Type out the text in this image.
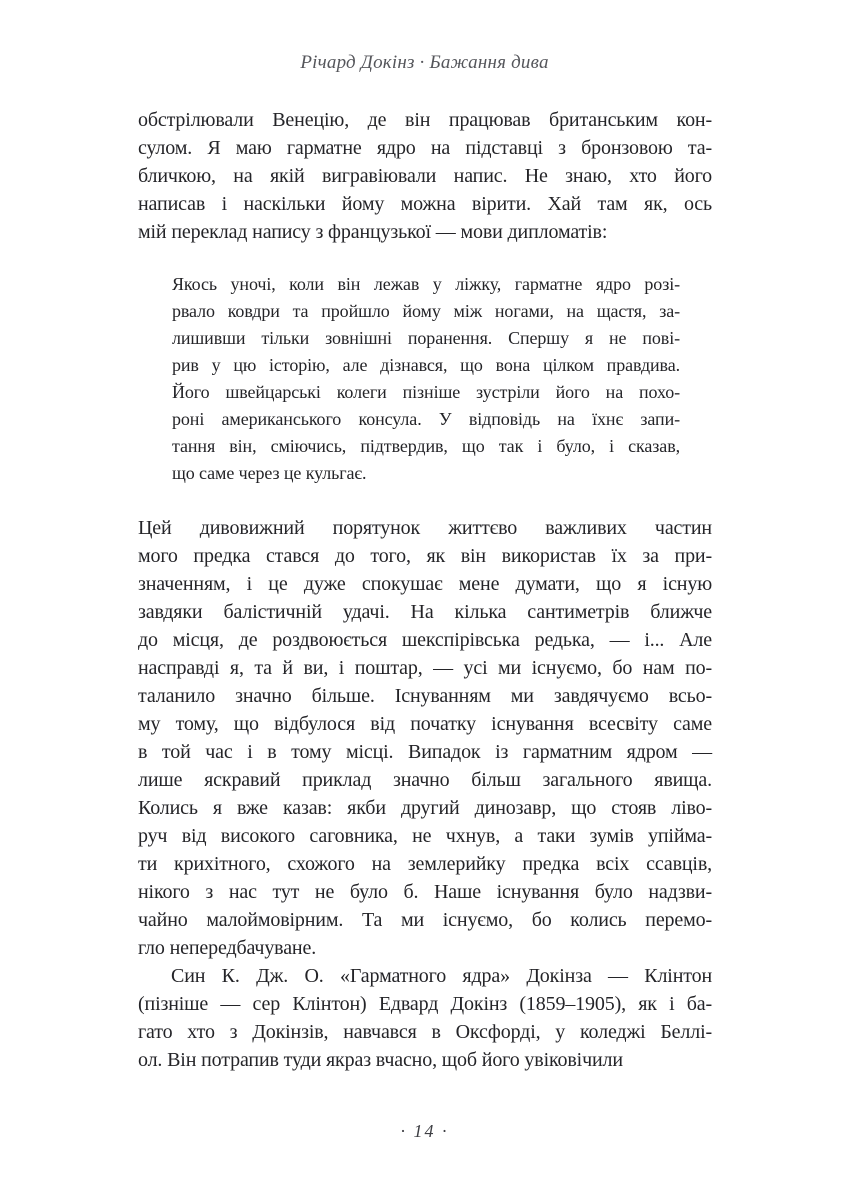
Річард Докінз · Бажання дива
обстрілювали Венецію, де він працював британським кон-
сулом. Я маю гарматне ядро на підставці з бронзовою та-
бличкою, на якій вигравіювали напис. Не знаю, хто його
написав і наскільки йому можна вірити. Хай там як, ось
мій переклад напису з французької — мови дипломатів:
Якось уночі, коли він лежав у ліжку, гарматне ядро розі-
рвало ковдри та пройшло йому між ногами, на щастя, за-
лишивши тільки зовнішні поранення. Спершу я не пові-
рив у цю історію, але дізнався, що вона цілком правдива.
Його швейцарські колеги пізніше зустріли його на похо-
роні американського консула. У відповідь на їхнє запи-
тання він, сміючись, підтвердив, що так і було, і сказав,
що саме через це кульгає.
Цей дивовижний порятунок життєво важливих частин
мого предка стався до того, як він використав їх за при-
значенням, і це дуже спокушає мене думати, що я існую
завдяки балістичній удачі. На кілька сантиметрів ближче
до місця, де роздвоюється шекспірівська редька, — і... Але
насправді я, та й ви, і поштар, — усі ми існуємо, бо нам по-
таланило значно більше. Існуванням ми завдячуємо всьо-
му тому, що відбулося від початку існування всесвіту саме
в той час і в тому місці. Випадок із гарматним ядром —
лише яскравий приклад значно більш загального явища.
Колись я вже казав: якби другий динозавр, що стояв ліво-
руч від високого саговника, не чхнув, а таки зумів упійма-
ти крихітного, схожого на землерийку предка всіх ссавців,
нікого з нас тут не було б. Наше існування було надзви-
чайно малоймовірним. Та ми існуємо, бо колись перемо-
гло непередбачуване.
Син К. Дж. О. «Гарматного ядра» Докінза — Клінтон
(пізніше — сер Клінтон) Едвард Докінз (1859–1905), як і ба-
гато хто з Докінзів, навчався в Оксфорді, у коледжі Беллі-
ол. Він потрапив туди якраз вчасно, щоб його увіковічили
· 14 ·
